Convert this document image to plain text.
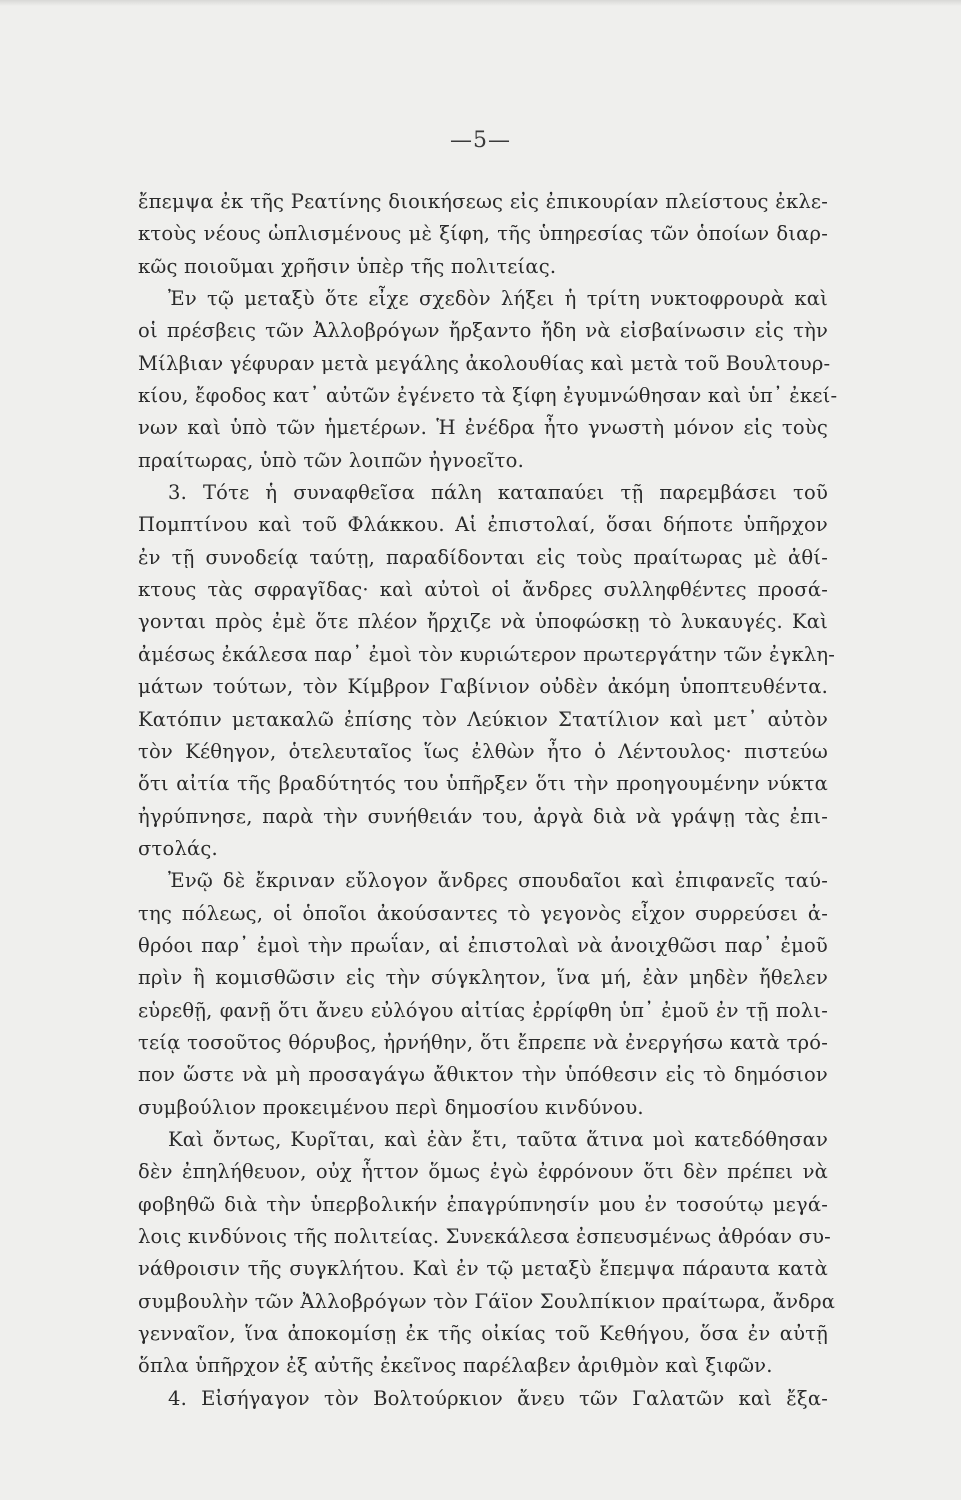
—5—
ἔπεμψα ἐκ τῆς Ρεατίνης διοικήσεως εἰς ἐπικουρίαν πλείστους ἐκλε-
κτοὺς νέους ὡπλισμένους μὲ ξίφη, τῆς ὑπηρεσίας τῶν ὁποίων διαρ-
κῶς ποιοῦμαι χρῆσιν ὑπὲρ τῆς πολιτείας.
Ἐν τῷ μεταξὺ ὅτε εἶχε σχεδὸν λήξει ἡ τρίτη νυκτοφρουρὰ καὶ
οἱ πρέσβεις τῶν Ἀλλοβρόγων ἤρξαντο ἤδη νὰ εἰσβαίνωσιν εἰς τὴν
Μίλβιαν γέφυραν μετὰ μεγάλης ἀκολουθίας καὶ μετὰ τοῦ Βουλτουρ-
κίου, ἔφοδος κατ᾽ αὐτῶν ἐγένετο τὰ ξίφη ἐγυμνώθησαν καὶ ὑπ᾽ ἐκεί-
νων καὶ ὑπὸ τῶν ἡμετέρων. Ἡ ἐνέδρα ἦτο γνωστὴ μόνον εἰς τοὺς
πραίτωρας, ὑπὸ τῶν λοιπῶν ἠγνοεῖτο.
3. Τότε ἡ συναφθεῖσα πάλη καταπαύει τῇ παρεμβάσει τοῦ
Πομπτίνου καὶ τοῦ Φλάκκου. Αἱ ἐπιστολαί, ὅσαι δήποτε ὑπῆρχον
ἐν τῇ συνοδείᾳ ταύτῃ, παραδίδονται εἰς τοὺς πραίτωρας μὲ ἀθί-
κτους τὰς σφραγῖδας· καὶ αὐτοὶ οἱ ἄνδρες συλληφθέντες προσά-
γονται πρὸς ἐμὲ ὅτε πλέον ἤρχιζε νὰ ὑποφώσκῃ τὸ λυκαυγές. Καὶ
ἀμέσως ἐκάλεσα παρ᾽ ἐμοὶ τὸν κυριώτερον πρωτεργάτην τῶν ἐγκλη-
μάτων τούτων, τὸν Κίμβρον Γαβίνιον οὐδὲν ἀκόμη ὑποπτευθέντα.
Κατόπιν μετακαλῶ ἐπίσης τὸν Λεύκιον Στατίλιον καὶ μετ᾽ αὐτὸν
τὸν Κέθηγον, ὁτελευταῖος ἵως ἐλθὼν ἦτο ὁ Λέντουλος· πιστεύω
ὅτι αἰτία τῆς βραδύτητός του ὑπῆρξεν ὅτι τὴν προηγουμένην νύκτα
ἠγρύπνησε, παρὰ τὴν συνήθειάν του, ἀργὰ διὰ νὰ γράψῃ τὰς ἐπι-
στολάς.
Ἐνῷ δὲ ἔκριναν εὔλογον ἄνδρες σπουδαῖοι καὶ ἐπιφανεῖς ταύ-
της πόλεως, οἱ ὁποῖοι ἀκούσαντες τὸ γεγονὸς εἶχον συρρεύσει ἀ-
θρόοι παρ᾽ ἐμοὶ τὴν πρωΐαν, αἱ ἐπιστολαὶ νὰ ἀνοιχθῶσι παρ᾽ ἐμοῦ
πρὶν ἢ κομισθῶσιν εἰς τὴν σύγκλητον, ἵνα μή, ἐὰν μηδὲν ἤθελεν
εὑρεθῇ, φανῇ ὅτι ἄνευ εὐλόγου αἰτίας ἐρρίφθη ὑπ᾽ ἐμοῦ ἐν τῇ πολι-
τείᾳ τοσοῦτος θόρυβος, ἠρνήθην, ὅτι ἔπρεπε νὰ ἐνεργήσω κατὰ τρό-
πον ὥστε νὰ μὴ προσαγάγω ἄθικτον τὴν ὑπόθεσιν εἰς τὸ δημόσιον
συμβούλιον προκειμένου περὶ δημοσίου κινδύνου.
Καὶ ὄντως, Κυρῖται, καὶ ἐὰν ἔτι, ταῦτα ἅτινα μοὶ κατεδόθησαν
δὲν ἐπηλήθευον, οὐχ ἧττον ὅμως ἐγὼ ἐφρόνουν ὅτι δὲν πρέπει νὰ
φοβηθῶ διὰ τὴν ὑπερβολικήν ἐπαγρύπνησίν μου ἐν τοσούτῳ μεγά-
λοις κινδύνοις τῆς πολιτείας. Συνεκάλεσα ἐσπευσμένως ἀθρόαν συ-
νάθροισιν τῆς συγκλήτου. Καὶ ἐν τῷ μεταξὺ ἔπεμψα πάραυτα κατὰ
συμβουλὴν τῶν Ἀλλοβρόγων τὸν Γάϊον Σουλπίκιον πραίτωρα, ἄνδρα
γενναῖον, ἵνα ἀποκομίσῃ ἐκ τῆς οἰκίας τοῦ Κεθήγου, ὅσα ἐν αὐτῇ
ὅπλα ὑπῆρχον ἐξ αὐτῆς ἐκεῖνος παρέλαβεν ἀριθμὸν καὶ ξιφῶν.
4. Εἰσήγαγον τὸν Βολτούρκιον ἄνευ τῶν Γαλατῶν καὶ ἔξα-
